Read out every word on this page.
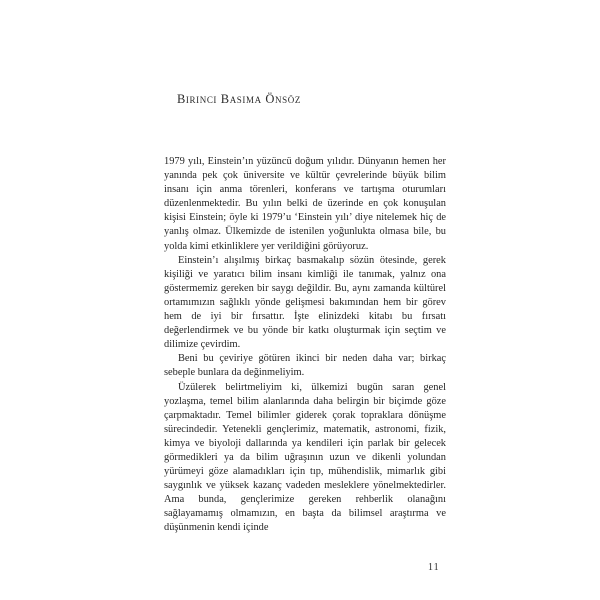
Birinci Basıma Önsöz

1979 yılı, Einstein’ın yüzüncü doğum yılıdır. Dünyanın hemen her yanında pek çok üniversite ve kültür çevrelerinde büyük bilim insanı için anma törenleri, konferans ve tartışma oturumları düzenlenmektedir. Bu yılın belki de üzerinde en çok konuşulan kişisi Einstein; öyle ki 1979’u ‘Einstein yılı’ diye nitelemek hiç de yanlış olmaz. Ülkemizde de istenilen yoğunlukta olmasa bile, bu yolda kimi etkinliklere yer verildiğini görüyoruz.

Einstein’ı alışılmış birkaç basmakalıp sözün ötesinde, gerek kişiliği ve yaratıcı bilim insanı kimliği ile tanımak, yalnız ona göstermemiz gereken bir saygı değildir. Bu, aynı zamanda kültürel ortamımızın sağlıklı yönde gelişmesi bakımından hem bir görev hem de iyi bir fırsattır. İşte elinizdeki kitabı bu fırsatı değerlendirmek ve bu yönde bir katkı oluşturmak için seçtim ve dilimize çevirdim.

Beni bu çeviriye götüren ikinci bir neden daha var; birkaç sebeple bunlara da değinmeliyim.

Üzülerek belirtmeliyim ki, ülkemizi bugün saran genel yozlaşma, temel bilim alanlarında daha belirgin bir biçimde göze çarpmaktadır. Temel bilimler giderek çorak topraklara dönüşme sürecindedir. Yetenekli gençlerimiz, matematik, astronomi, fizik, kimya ve biyoloji dallarında ya kendileri için parlak bir gelecek görmedikleri ya da bilim uğraşının uzun ve dikenli yolundan yürümeyi göze alamadıkları için tıp, mühendislik, mimarlık gibi saygınlık ve yüksek kazanç vadeden mesleklere yönelmektedirler. Ama bunda, gençlerimize gereken rehberlik olanağını sağlayamamış olmamızın, en başta da bilimsel araştırma ve düşünmenin kendi içinde

11
